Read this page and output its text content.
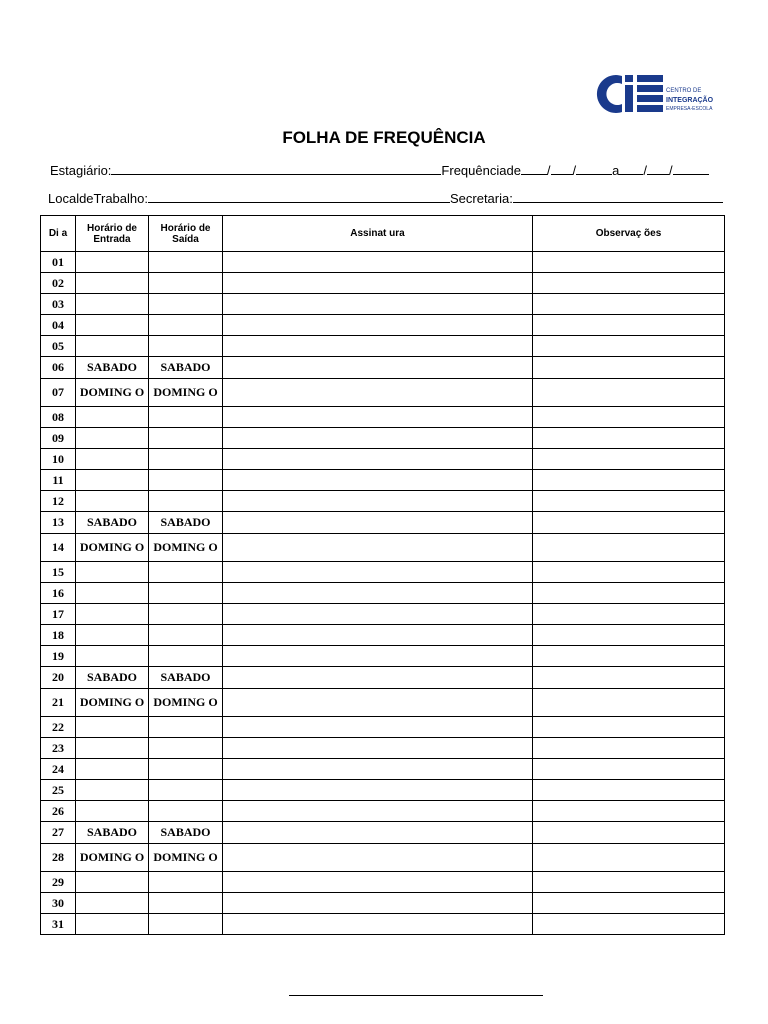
CENTRO DE
INTEGRAÇÃO
EMPRESA-ESCOLA
FOLHA DE FREQUÊNCIA
Estagiário:	Frequênciade / /	a / /
LocaldeTrabalho:	Secretaria:
Di a	Horário de Entrada	Horário de Saída	Assinat ura	Observaç ões
01				
02				
03				
04				
05				
06	SABADO	SABADO		
07	DOMING O	DOMING O		
08				
09				
10				
11				
12				
13	SABADO	SABADO		
14	DOMING O	DOMING O		
15				
16				
17				
18				
19				
20	SABADO	SABADO		
21	DOMING O	DOMING O		
22				
23				
24				
25				
26				
27	SABADO	SABADO		
28	DOMING O	DOMING O		
29				
30				
31				
